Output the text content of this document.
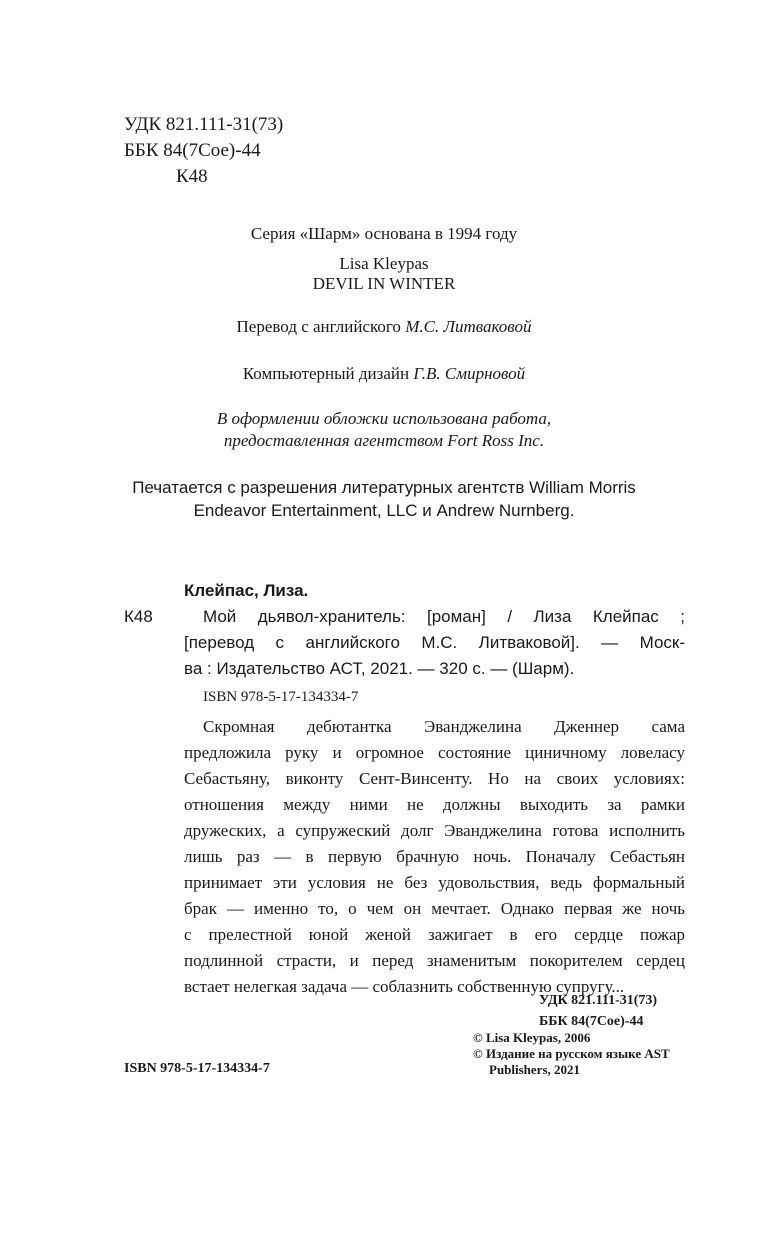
УДК 821.111-31(73)
ББК 84(7Сое)-44
К48
Серия «Шарм» основана в 1994 году
Lisa Kleypas
DEVIL IN WINTER
Перевод с английского М.С. Литваковой
Компьютерный дизайн Г.В. Смирновой
В оформлении обложки использована работа,
предоставленная агентством Fort Ross Inc.
Печатается с разрешения литературных агентств William Morris
Endeavor Entertainment, LLC и Andrew Nurnberg.
Клейпас, Лиза.
К48	Мой дьявол-хранитель: [роман] / Лиза Клейпас ;
[перевод с английского М.С. Литваковой]. — Моск-
ва : Издательство АСТ, 2021. — 320 с. — (Шарм).
ISBN 978-5-17-134334-7
Скромная дебютантка Эванджелина Дженнер сама
предложила руку и огромное состояние циничному ловеласу
Себастьяну, виконту Сент-Винсенту. Но на своих условиях:
отношения между ними не должны выходить за рамки
дружеских, а супружеский долг Эванджелина готова исполнить
лишь раз — в первую брачную ночь. Поначалу Себастьян
принимает эти условия не без удовольствия, ведь формальный
брак — именно то, о чем он мечтает. Однако первая же ночь
с прелестной юной женой зажигает в его сердце пожар
подлинной страсти, и перед знаменитым покорителем сердец
встает нелегкая задача — соблазнить собственную супругу...
УДК 821.111-31(73)
ББК 84(7Сое)-44
ISBN 978-5-17-134334-7
© Lisa Kleypas, 2006
© Издание на русском языке AST
Publishers, 2021
